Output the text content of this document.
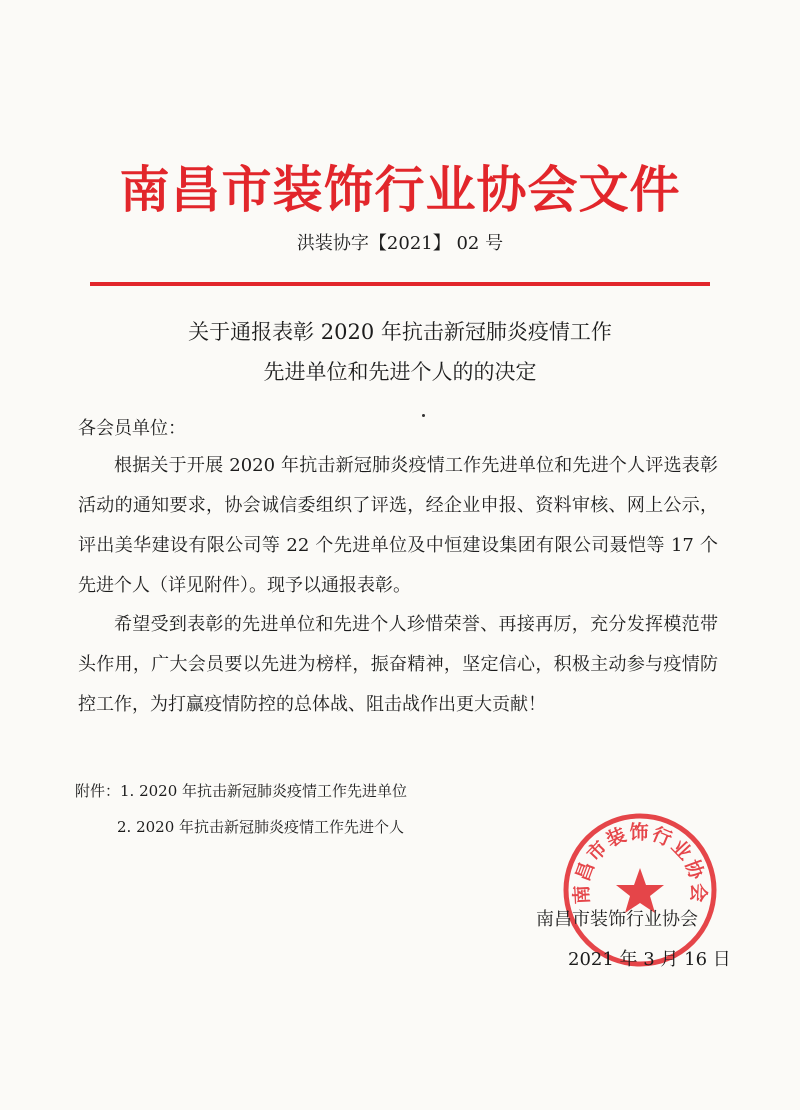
南昌市装饰行业协会文件
洪装协字【2021】 02 号
关于通报表彰 2020 年抗击新冠肺炎疫情工作
先进单位和先进个人的的决定
各会员单位：
根据关于开展 2020 年抗击新冠肺炎疫情工作先进单位和先进个人评选表彰活动的通知要求，协会诚信委组织了评选，经企业申报、资料审核、网上公示，评出美华建设有限公司等 22 个先进单位及中恒建设集团有限公司聂恺等 17 个先进个人（详见附件）。现予以通报表彰。
希望受到表彰的先进单位和先进个人珍惜荣誉、再接再厉，充分发挥模范带头作用，广大会员要以先进为榜样，振奋精神，坚定信心，积极主动参与疫情防控工作，为打赢疫情防控的总体战、阻击战作出更大贡献！
附件：1. 2020 年抗击新冠肺炎疫情工作先进单位
2. 2020 年抗击新冠肺炎疫情工作先进个人
南昌市装饰行业协会
南昌市装饰行业协会
2021 年 3 月 16 日
